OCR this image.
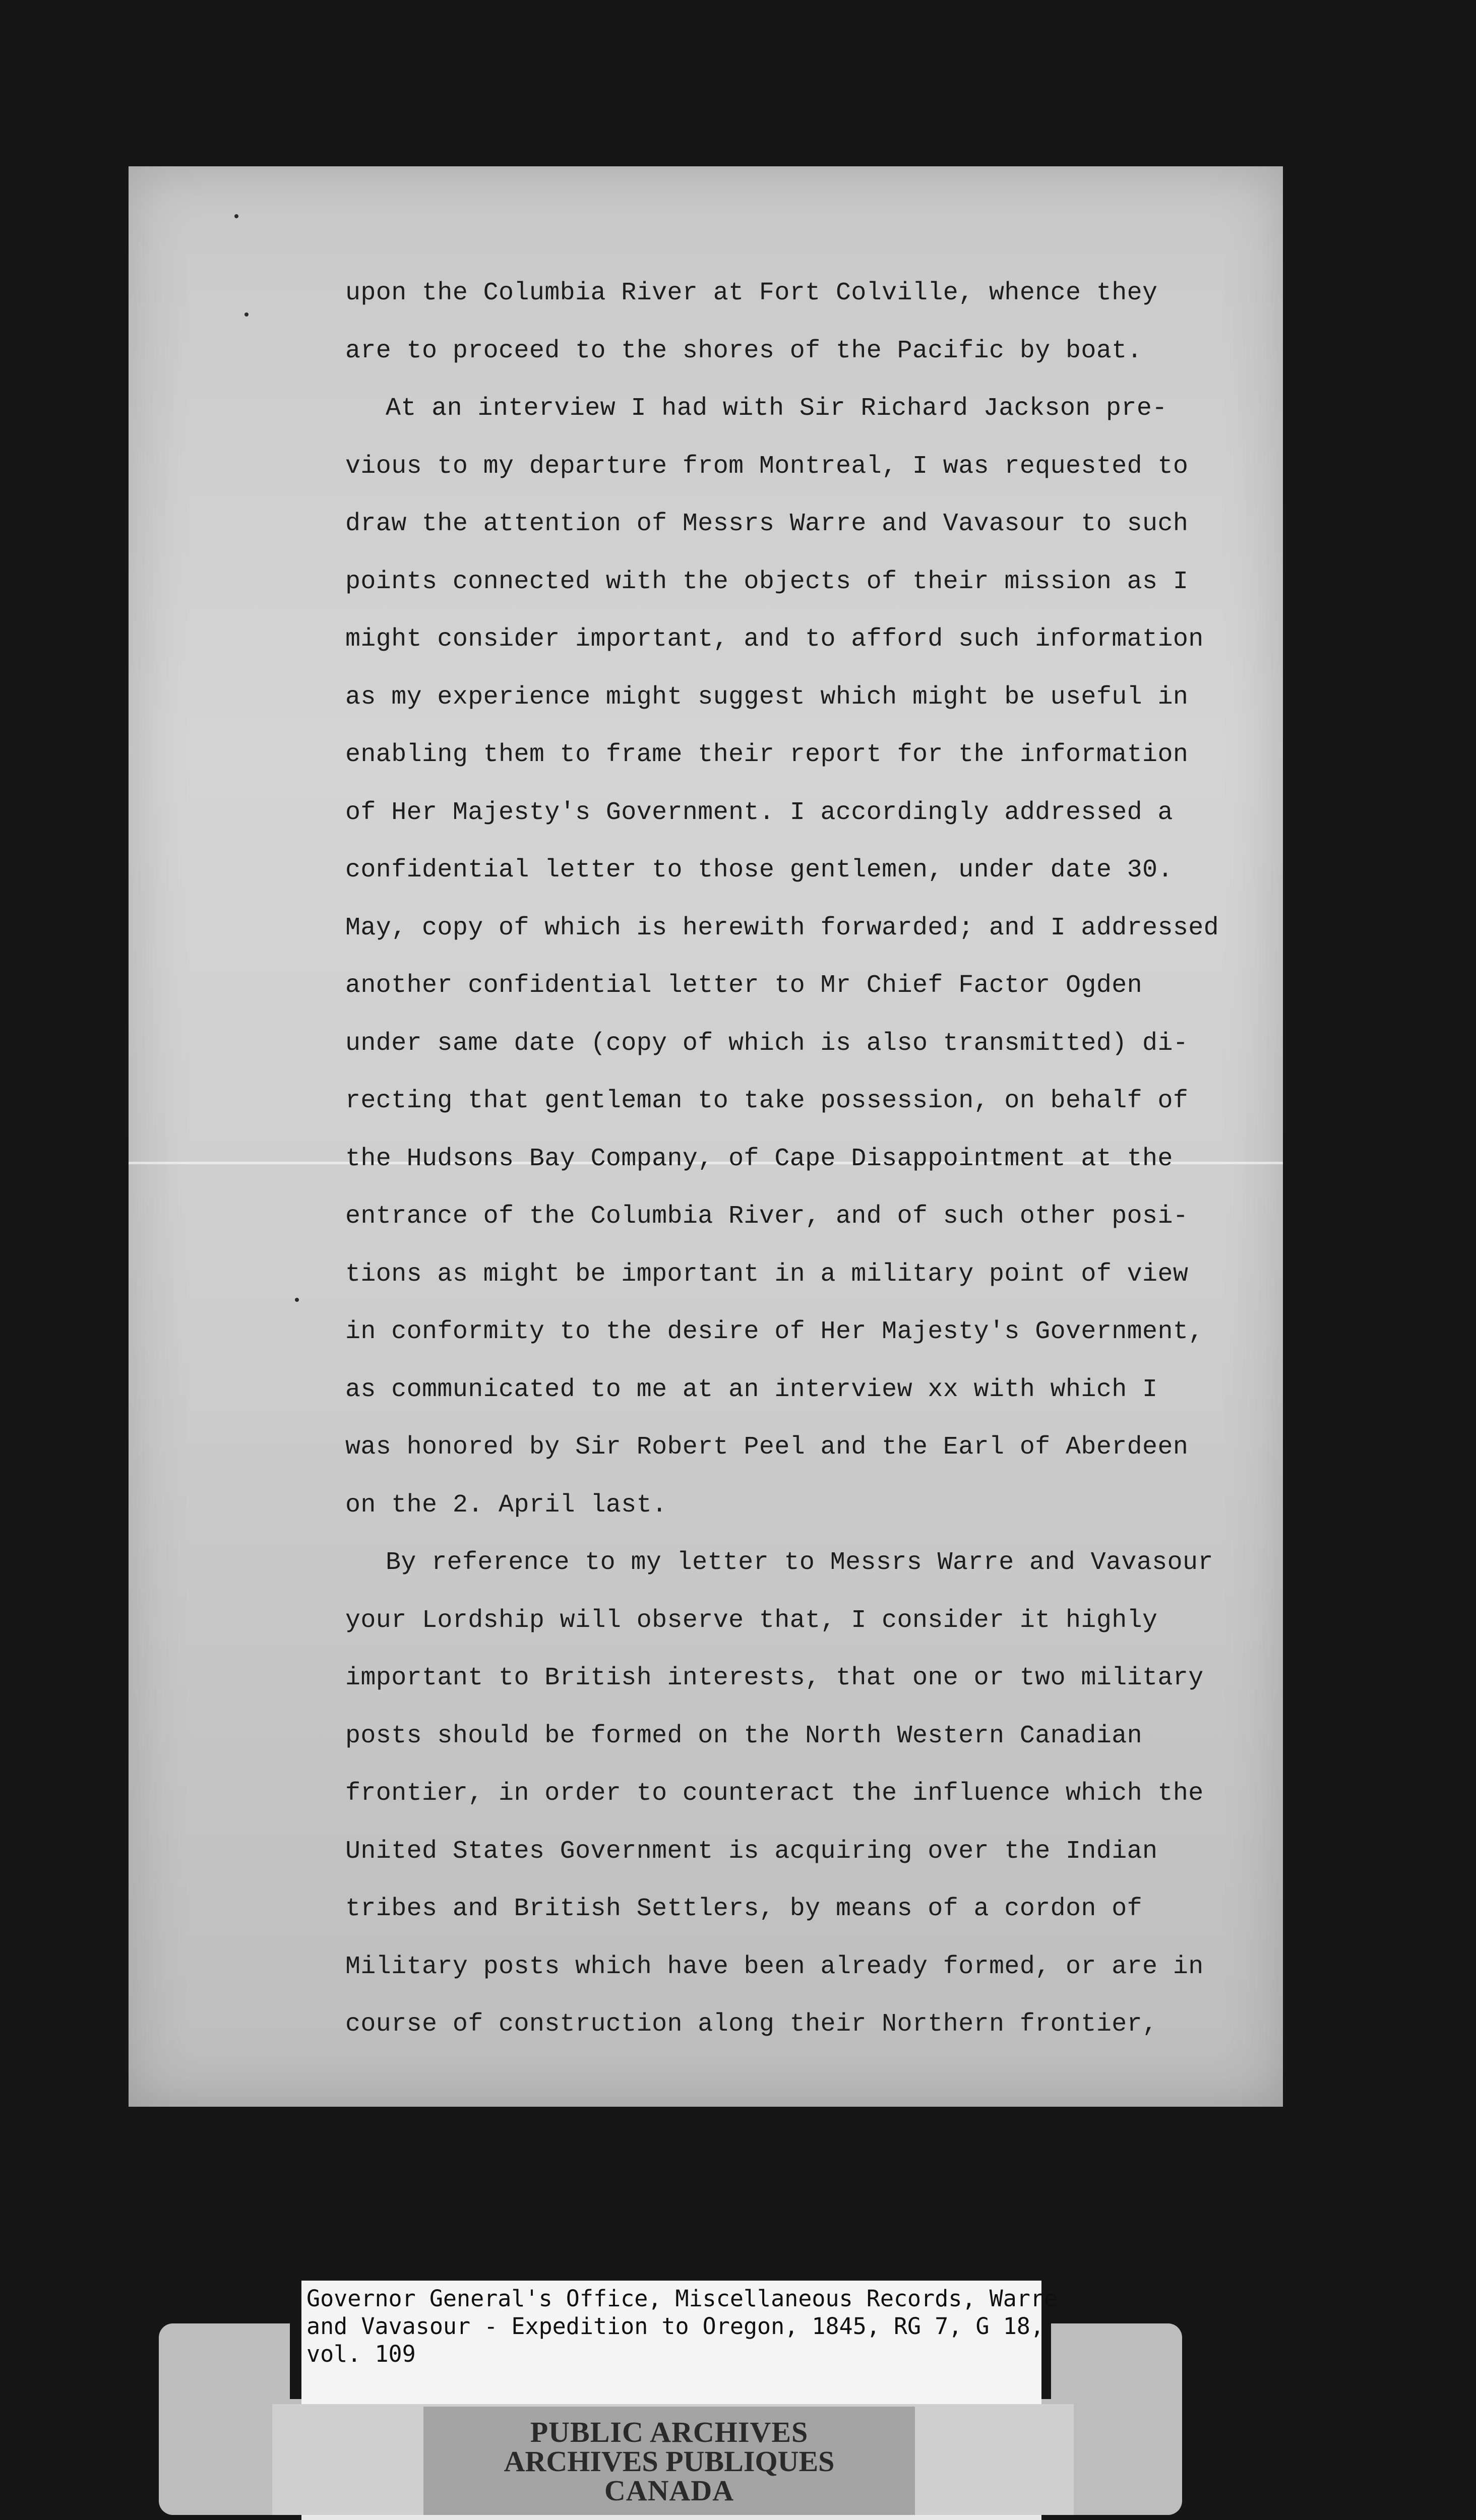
upon the Columbia River at Fort Colville, whence they
are to proceed to the shores of the Pacific by boat.
At an interview I had with Sir Richard Jackson pre-
vious to my departure from Montreal, I was requested to
draw the attention of Messrs Warre and Vavasour to such
points connected with the objects of their mission as I
might consider important, and to afford such information
as my experience might suggest which might be useful in
enabling them to frame their report for the information
of Her Majesty's Government. I accordingly addressed a
confidential letter to those gentlemen, under date 30.
May, copy of which is herewith forwarded; and I addressed
another confidential letter to Mr Chief Factor Ogden
under same date (copy of which is also transmitted) di-
recting that gentleman to take possession, on behalf of
the Hudsons Bay Company, of Cape Disappointment at the
entrance of the Columbia River, and of such other posi-
tions as might be important in a military point of view
in conformity to the desire of Her Majesty's Government,
as communicated to me at an interview xx with which I
was honored by Sir Robert Peel and the Earl of Aberdeen
on the 2. April last.
By reference to my letter to Messrs Warre and Vavasour
your Lordship will observe that, I consider it highly
important to British interests, that one or two military
posts should be formed on the North Western Canadian
frontier, in order to counteract the influence which the
United States Government is acquiring over the Indian
tribes and British Settlers, by means of a cordon of
Military posts which have been already formed, or are in
course of construction along their Northern frontier,
Governor General's Office, Miscellaneous Records, Warre
and Vavasour - Expedition to Oregon, 1845, RG 7, G 18,
vol. 109
PUBLIC ARCHIVES
ARCHIVES PUBLIQUES
CANADA
